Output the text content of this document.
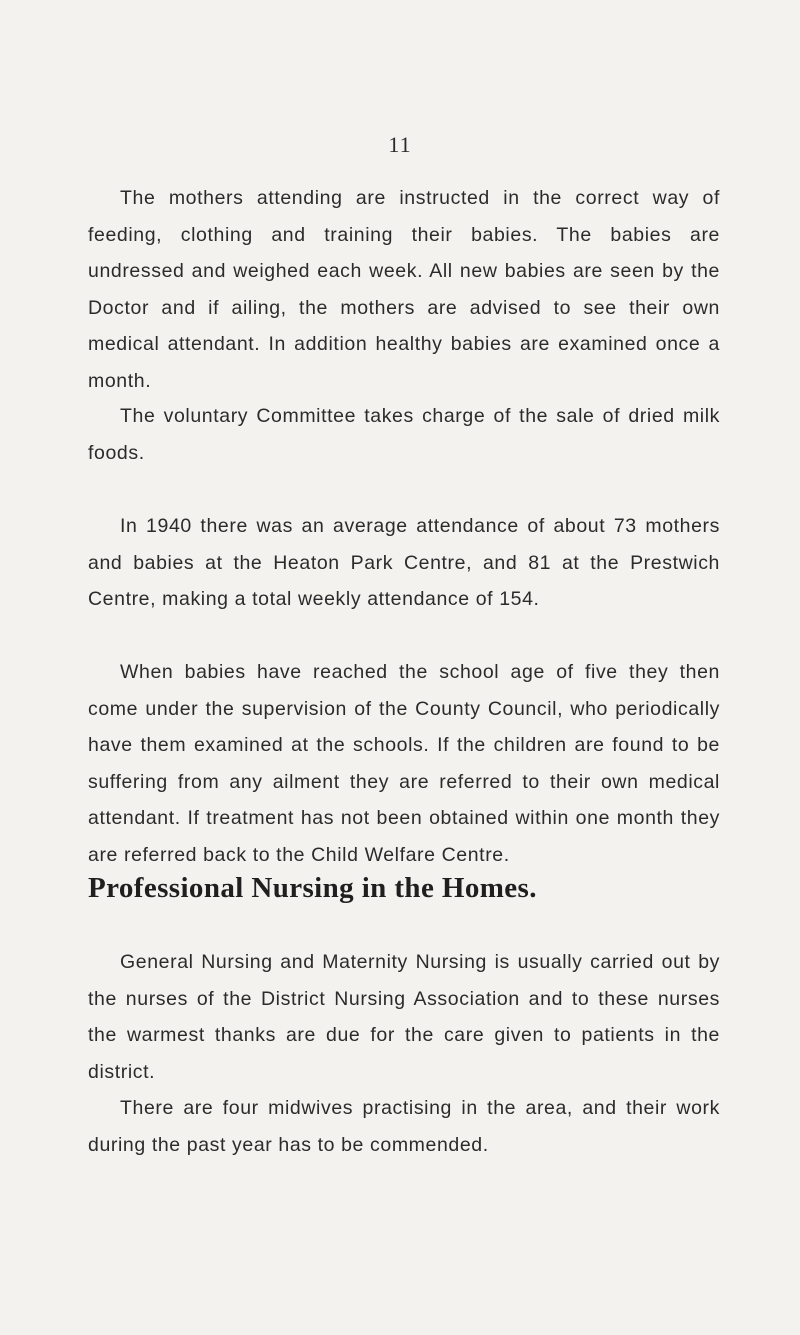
11

The mothers attending are instructed in the correct way of feeding, clothing and training their babies. The babies are undressed and weighed each week. All new babies are seen by the Doctor and if ailing, the mothers are advised to see their own medical attendant. In addition healthy babies are examined once a month.

The voluntary Committee takes charge of the sale of dried milk foods.

In 1940 there was an average attendance of about 73 mothers and babies at the Heaton Park Centre, and 81 at the Prestwich Centre, making a total weekly attendance of 154.

When babies have reached the school age of five they then come under the supervision of the County Council, who periodically have them examined at the schools. If the children are found to be suffering from any ailment they are referred to their own medical attendant. If treatment has not been obtained within one month they are referred back to the Child Welfare Centre.

Professional Nursing in the Homes.

General Nursing and Maternity Nursing is usually carried out by the nurses of the District Nursing Association and to these nurses the warmest thanks are due for the care given to patients in the district.

There are four midwives practising in the area, and their work during the past year has to be commended.
